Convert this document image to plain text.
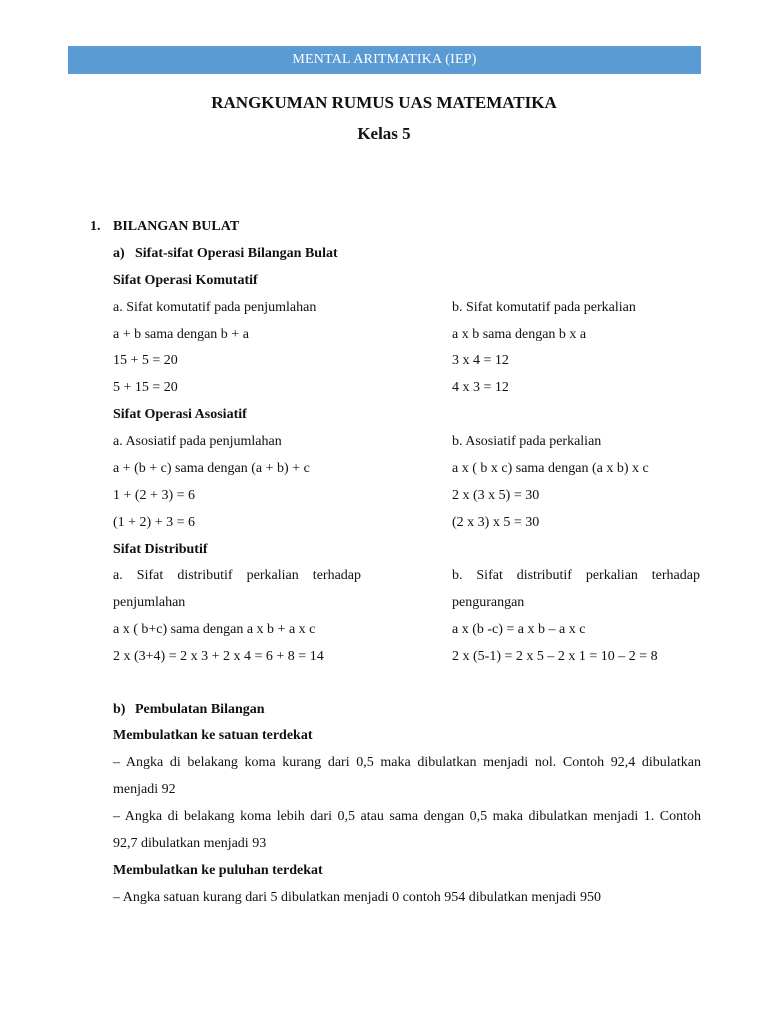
MENTAL ARITMATIKA (IEP)
RANGKUMAN RUMUS UAS MATEMATIKA
Kelas 5
1. BILANGAN BULAT
a) Sifat-sifat Operasi Bilangan Bulat
Sifat Operasi Komutatif
a. Sifat komutatif pada penjumlahan
a + b sama dengan b + a
15 + 5 = 20
5 + 15 = 20
b. Sifat komutatif pada perkalian
a x b sama dengan b x a
3 x 4 = 12
4 x 3 = 12
Sifat Operasi Asosiatif
a. Asosiatif pada penjumlahan
a + (b + c) sama dengan (a + b) + c
1 + (2 + 3) = 6
(1 + 2) + 3 = 6
b. Asosiatif pada perkalian
a x ( b x c) sama dengan (a x b) x c
2 x (3 x 5) = 30
(2 x 3) x 5 = 30
Sifat Distributif
a. Sifat distributif perkalian terhadap
penjumlahan
a x ( b+c) sama dengan a x b + a x c
2 x (3+4) = 2 x 3 + 2 x 4 = 6 + 8 = 14
b. Sifat distributif perkalian terhadap
pengurangan
a x (b -c) = a x b – a x c
2 x (5-1) = 2 x 5 – 2 x 1 = 10 – 2 = 8
b) Pembulatan Bilangan
Membulatkan ke satuan terdekat
– Angka di belakang koma kurang dari 0,5 maka dibulatkan menjadi nol. Contoh 92,4 dibulatkan
menjadi 92
– Angka di belakang koma lebih dari 0,5 atau sama dengan 0,5 maka dibulatkan menjadi 1. Contoh
92,7 dibulatkan menjadi 93
Membulatkan ke puluhan terdekat
– Angka satuan kurang dari 5 dibulatkan menjadi 0 contoh 954 dibulatkan menjadi 950
